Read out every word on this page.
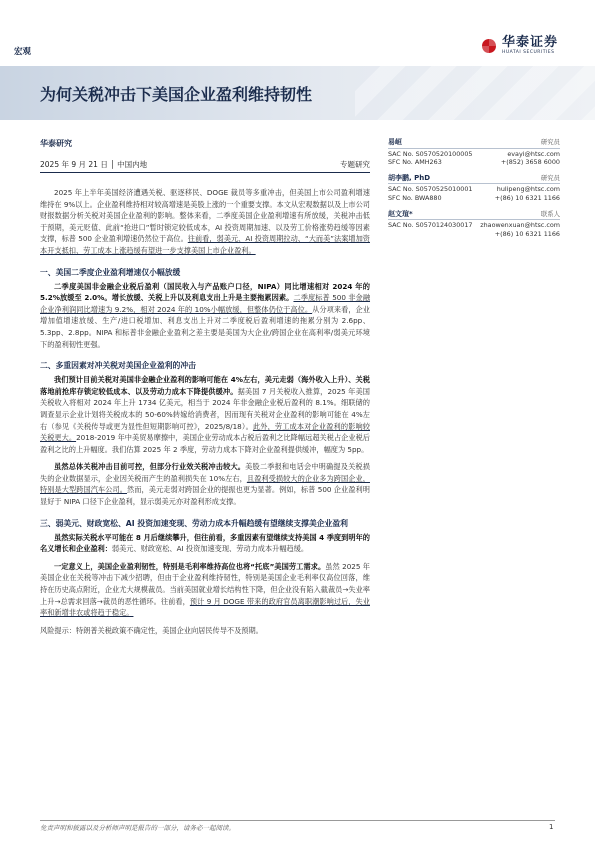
宏观
华泰证券
HUATAI SECURITIES
为何关税冲击下美国企业盈利维持韧性
华泰研究
2025 年 9 月 21 日 │ 中国内地	专题研究

2025 年上半年美国经济遭遇关税、驱逐移民、DOGE 裁员等多重冲击，但美国上市公司盈利增速维持在 9%以上。企业盈利维持相对较高增速是美股上涨的一个重要支撑。本文从宏观数据以及上市公司财报数据分析关税对美国企业盈利的影响。整体来看，二季度美国企业盈利增速有所放缓，关税冲击低于预期，美元贬值、此前“抢进口”暂时锁定较低成本，AI 投资周期加速、以及劳工价格涨势趋缓等因素支撑，标普 500 企业盈利增速仍然位于高位。往前看，弱美元、AI 投资周期拉动、“大而美”法案增加资本开支抵扣、劳工成本上涨趋缓有望进一步支撑美国上市企业盈利。

一、美国二季度企业盈利增速仅小幅放缓

二季度美国非金融企业税后盈利（国民收入与产品账户口径，NIPA）同比增速相对 2024 年的 5.2%放缓至 2.0%。增长放缓、关税上升以及利息支出上升是主要拖累因素。二季度标普 500 非金融企业净利润同比增速为 9.2%，相对 2024 年的 10%小幅放缓，但整体仍位于高位。从分项来看，企业增加值增速放缓、生产/进口税增加、利息支出上升对二季度税后盈利增速的拖累分别为 2.6pp、5.3pp、2.8pp。NIPA 和标普非金融企业盈利之差主要是美国为大企业/跨国企业在高利率/弱美元环境下的盈利韧性更强。

二、多重因素对冲关税对美国企业盈利的冲击

我们预计目前关税对美国非金融企业盈利的影响可能在 4%左右，美元走弱（海外收入上升）、关税落地前抢库存锁定较低成本、以及劳动力成本下降提供缓冲。据美国 7 月关税收入推算，2025 年美国关税收入将相对 2024 年上升 1734 亿美元，相当于 2024 年非金融企业税后盈利的 8.1%。细联储的调查显示企业计划将关税成本的 50-60%转嫁给消费者，因而现有关税对企业盈利的影响可能在 4%左右（参见《关税传导或更为显性但短期影响可控》，2025/8/18）。此外，劳工成本对企业盈利的影响较关税更大。2018-2019 年中美贸易摩擦中，美国企业劳动成本占税后盈利之比降幅远超关税占企业税后盈利之比的上升幅度。我们估算 2025 年 2 季度，劳动力成本下降对企业盈利提供缓冲，幅度为 5pp。

虽然总体关税冲击目前可控，但部分行业效关税冲击较大。美股二季报和电话会中明确提及关税损失的企业数据显示，企业因关税而产生的盈利损失在 10%左右，且盈利受损较大的企业多为跨国企业，特别是大型跨国汽车公司。然而，美元走弱对跨国企业的提振也更为显著。例如，标普 500 企业盈利明显好于 NIPA 口径下企业盈利，显示弱美元亦对盈利形成支撑。

三、弱美元、财政宽松、AI 投资加速变现、劳动力成本升幅趋缓有望继续支撑美企业盈利

虽然实际关税水平可能在 8 月后继续攀升，但往前看，多重因素有望继续支持美国 4 季度到明年的名义增长和企业盈利：弱美元、财政宽松、AI 投资加速变现、劳动力成本升幅趋缓。

一定意义上，美国企业盈利韧性，特别是毛利率维持高位也将“托底”美国劳工需求。虽然 2025 年美国企业在关税等冲击下减少招聘，但由于企业盈利维持韧性，特别是美国企业毛利率仅高位回落，维持在历史高点附近，企业尤大规模裁员。当前美国就业增长结构性下降，但企业没有陷入截裁员→失业率上升→总需求回落→裁员的恶性循环。往前看，预计 9 月 DOGE 带来的政府官员离职潮影响过后，失业率和新增非农或将趋于稳定。

风险提示：特朗普关税政策不确定性，美国企业向居民传导不及预期。

易峘	研究员
SAC No. S0570520100005	evayi@htsc.com
SFC No. AMH263	+(852) 3658 6000
胡李鹏, PhD	研究员
SAC No. S0570525010001	hulipeng@htsc.com
SFC No. BWA880	+(86) 10 6321 1166
赵文瑄*	联系人
SAC No. S0570124030017 zhaowenxuan@htsc.com
+(86) 10 6321 1166
免责声明和披露以及分析师声明是报告的一部分，请务必一起阅读。	1
